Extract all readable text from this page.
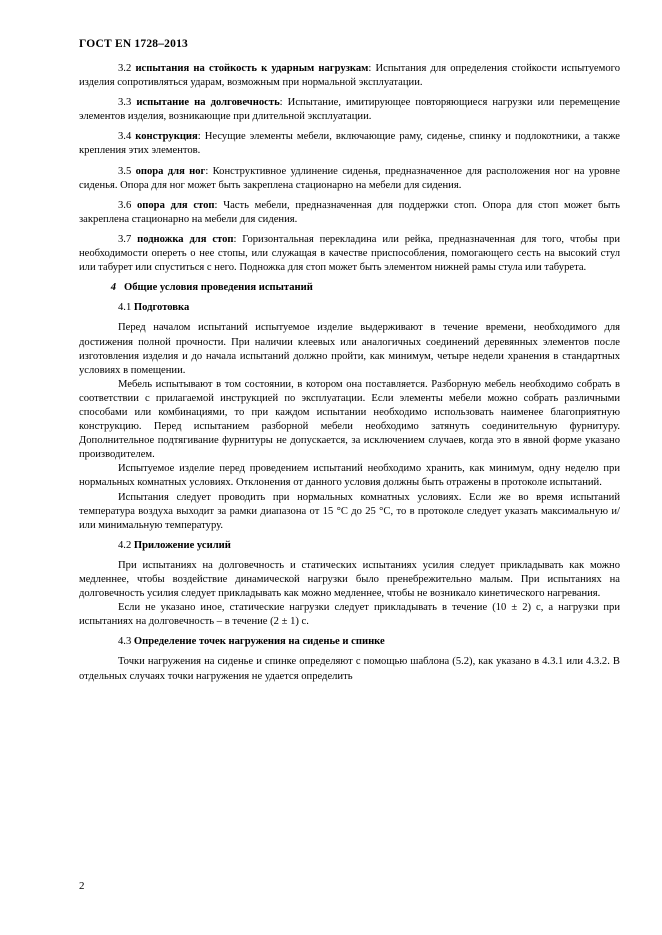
ГОСТ EN 1728–2013

3.2 испытания на стойкость к ударным нагрузкам: Испытания для определения стойкости испытуемого изделия сопротивляться ударам, возможным при нормальной эксплуатации.

3.3 испытание на долговечность: Испытание, имитирующее повторяющиеся нагрузки или перемещение элементов изделия, возникающие при длительной эксплуатации.

3.4 конструкция: Несущие элементы мебели, включающие раму, сиденье, спинку и подлокотники, а также крепления этих элементов.

3.5 опора для ног: Конструктивное удлинение сиденья, предназначенное для расположения ног на уровне сиденья. Опора для ног может быть закреплена стационарно на мебели для сидения.

3.6 опора для стоп: Часть мебели, предназначенная для поддержки стоп. Опора для стоп может быть закреплена стационарно на мебели для сидения.

3.7 подножка для стоп: Горизонтальная перекладина или рейка, предназначенная для того, чтобы при необходимости опереть о нее стопы, или служащая в качестве приспособления, помогающего сесть на высокий стул или табурет или спуститься с него. Подножка для стоп может быть элементом нижней рамы стула или табурета.

4 Общие условия проведения испытаний

4.1 Подготовка

Перед началом испытаний испытуемое изделие выдерживают в течение времени, необходимого для достижения полной прочности. При наличии клеевых или аналогичных соединений деревянных элементов после изготовления изделия и до начала испытаний должно пройти, как минимум, четыре недели хранения в стандартных условиях в помещении.

Мебель испытывают в том состоянии, в котором она поставляется. Разборную мебель необходимо собрать в соответствии с прилагаемой инструкцией по эксплуатации. Если элементы мебели можно собрать различными способами или комбинациями, то при каждом испытании необходимо использовать наименее благоприятную конструкцию. Перед испытанием разборной мебели необходимо затянуть соединительную фурнитуру. Дополнительное подтягивание фурнитуры не допускается, за исключением случаев, когда это в явной форме указано производителем.

Испытуемое изделие перед проведением испытаний необходимо хранить, как минимум, одну неделю при нормальных комнатных условиях. Отклонения от данного условия должны быть отражены в протоколе испытаний.

Испытания следует проводить при нормальных комнатных условиях. Если же во время испытаний температура воздуха выходит за рамки диапазона от 15 °С до 25 °С, то в протоколе следует указать максимальную и/или минимальную температуру.

4.2 Приложение усилий

При испытаниях на долговечность и статических испытаниях усилия следует прикладывать как можно медленнее, чтобы воздействие динамической нагрузки было пренебрежительно малым. При испытаниях на долговечность усилия следует прикладывать как можно медленнее, чтобы не возникало кинетического нагревания.

Если не указано иное, статические нагрузки следует прикладывать в течение (10 ± 2) с, а нагрузки при испытаниях на долговечность – в течение (2 ± 1) с.

4.3 Определение точек нагружения на сиденье и спинке

Точки нагружения на сиденье и спинке определяют с помощью шаблона (5.2), как указано в 4.3.1 или 4.3.2. В отдельных случаях точки нагружения не удается определить

2
